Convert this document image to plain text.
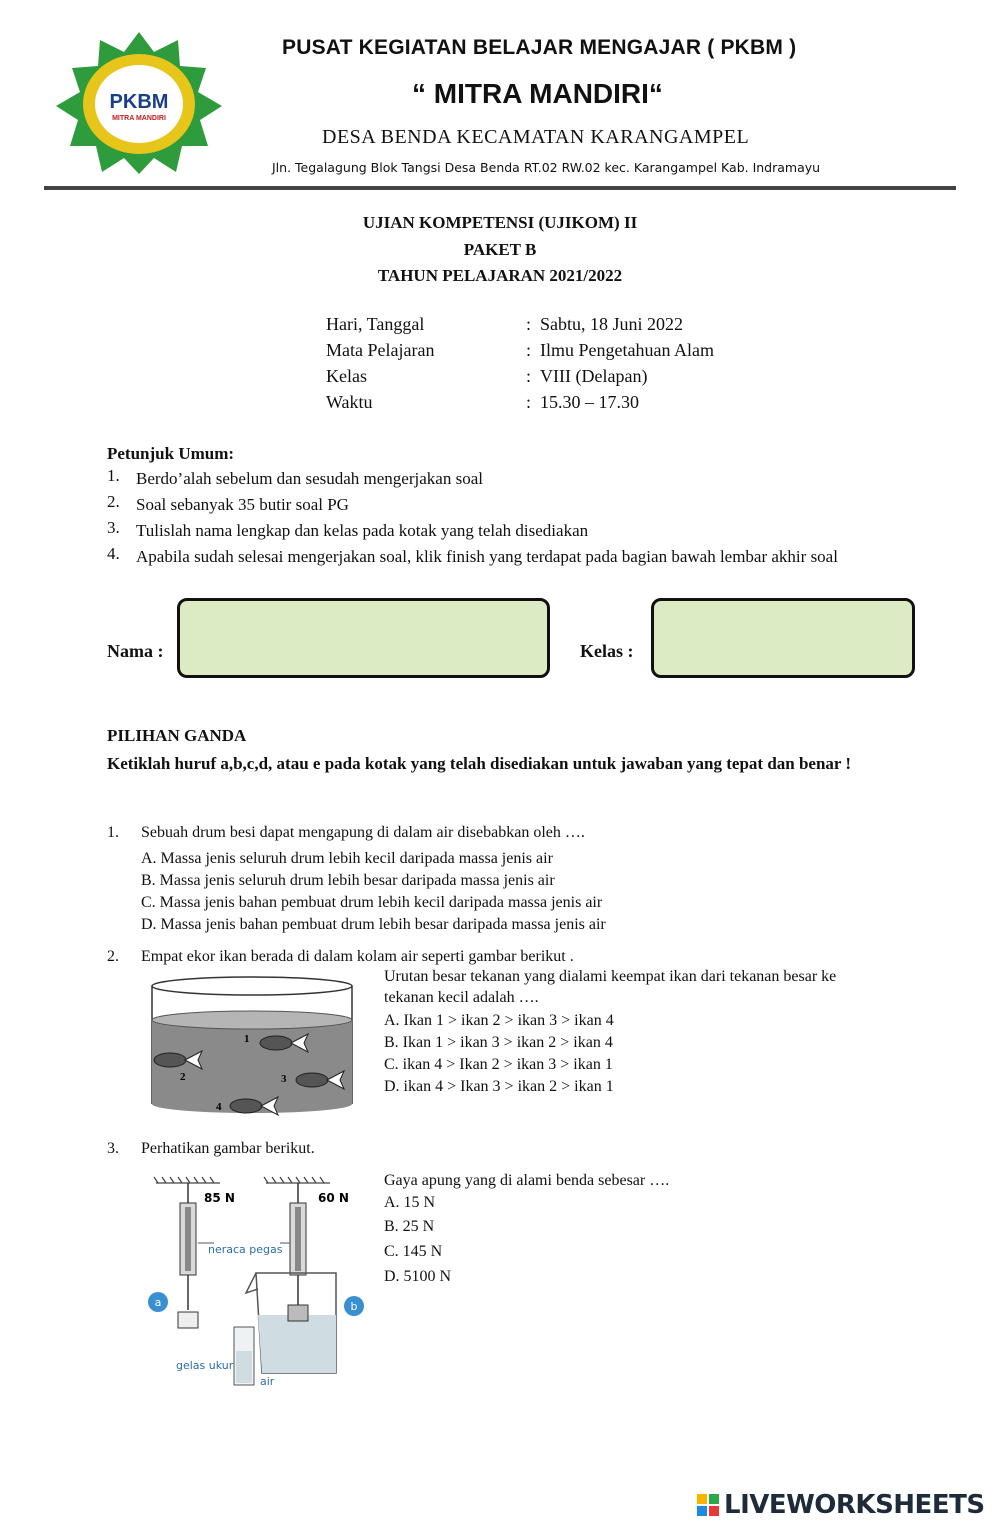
PKBM
MITRA MANDIRI
PUSAT KEGIATAN BELAJAR MENGAJAR ( PKBM )
“ MITRA MANDIRI“
DESA BENDA KECAMATAN KARANGAMPEL
Jln. Tegalagung Blok Tangsi Desa Benda RT.02 RW.02 kec. Karangampel Kab. Indramayu
UJIAN KOMPETENSI (UJIKOM) II
PAKET B
TAHUN PELAJARAN 2021/2022
Hari, Tanggal	: Sabtu, 18 Juni 2022
Mata Pelajaran	: Ilmu Pengetahuan Alam
Kelas	: VIII (Delapan)
Waktu	: 15.30 – 17.30
Petunjuk Umum:
1. Berdo’alah sebelum dan sesudah mengerjakan soal
2. Soal sebanyak 35 butir soal PG
3. Tulislah nama lengkap dan kelas pada kotak yang telah disediakan
4. Apabila sudah selesai mengerjakan soal, klik finish yang terdapat pada bagian bawah lembar akhir soal
Nama :	Kelas :
PILIHAN GANDA
Ketiklah huruf a,b,c,d, atau e pada kotak yang telah disediakan untuk jawaban yang tepat dan benar !
1. Sebuah drum besi dapat mengapung di dalam air disebabkan oleh ….
A. Massa jenis seluruh drum lebih kecil daripada massa jenis air
B. Massa jenis seluruh drum lebih besar daripada massa jenis air
C. Massa jenis bahan pembuat drum lebih kecil daripada massa jenis air
D. Massa jenis bahan pembuat drum lebih besar daripada massa jenis air
2. Empat ekor ikan berada di dalam kolam air seperti gambar berikut .
Urutan besar tekanan yang dialami keempat ikan dari tekanan besar ke
tekanan kecil adalah ….
A. Ikan 1 > ikan 2 > ikan 3 > ikan 4
B. Ikan 1 > ikan 3 > ikan 2 > ikan 4
C. ikan 4 > Ikan 2 > ikan 3 > ikan 1
D. ikan 4 > Ikan 3 > ikan 2 > ikan 1
1
2	3
4
3. Perhatikan gambar berikut.
Gaya apung yang di alami benda sebesar ….
A. 15 N
B. 25 N
C. 145 N
D. 5100 N
85 N	60 N
neraca pegas
a	b
gelas ukur
air
LIVEWORKSHEETS
